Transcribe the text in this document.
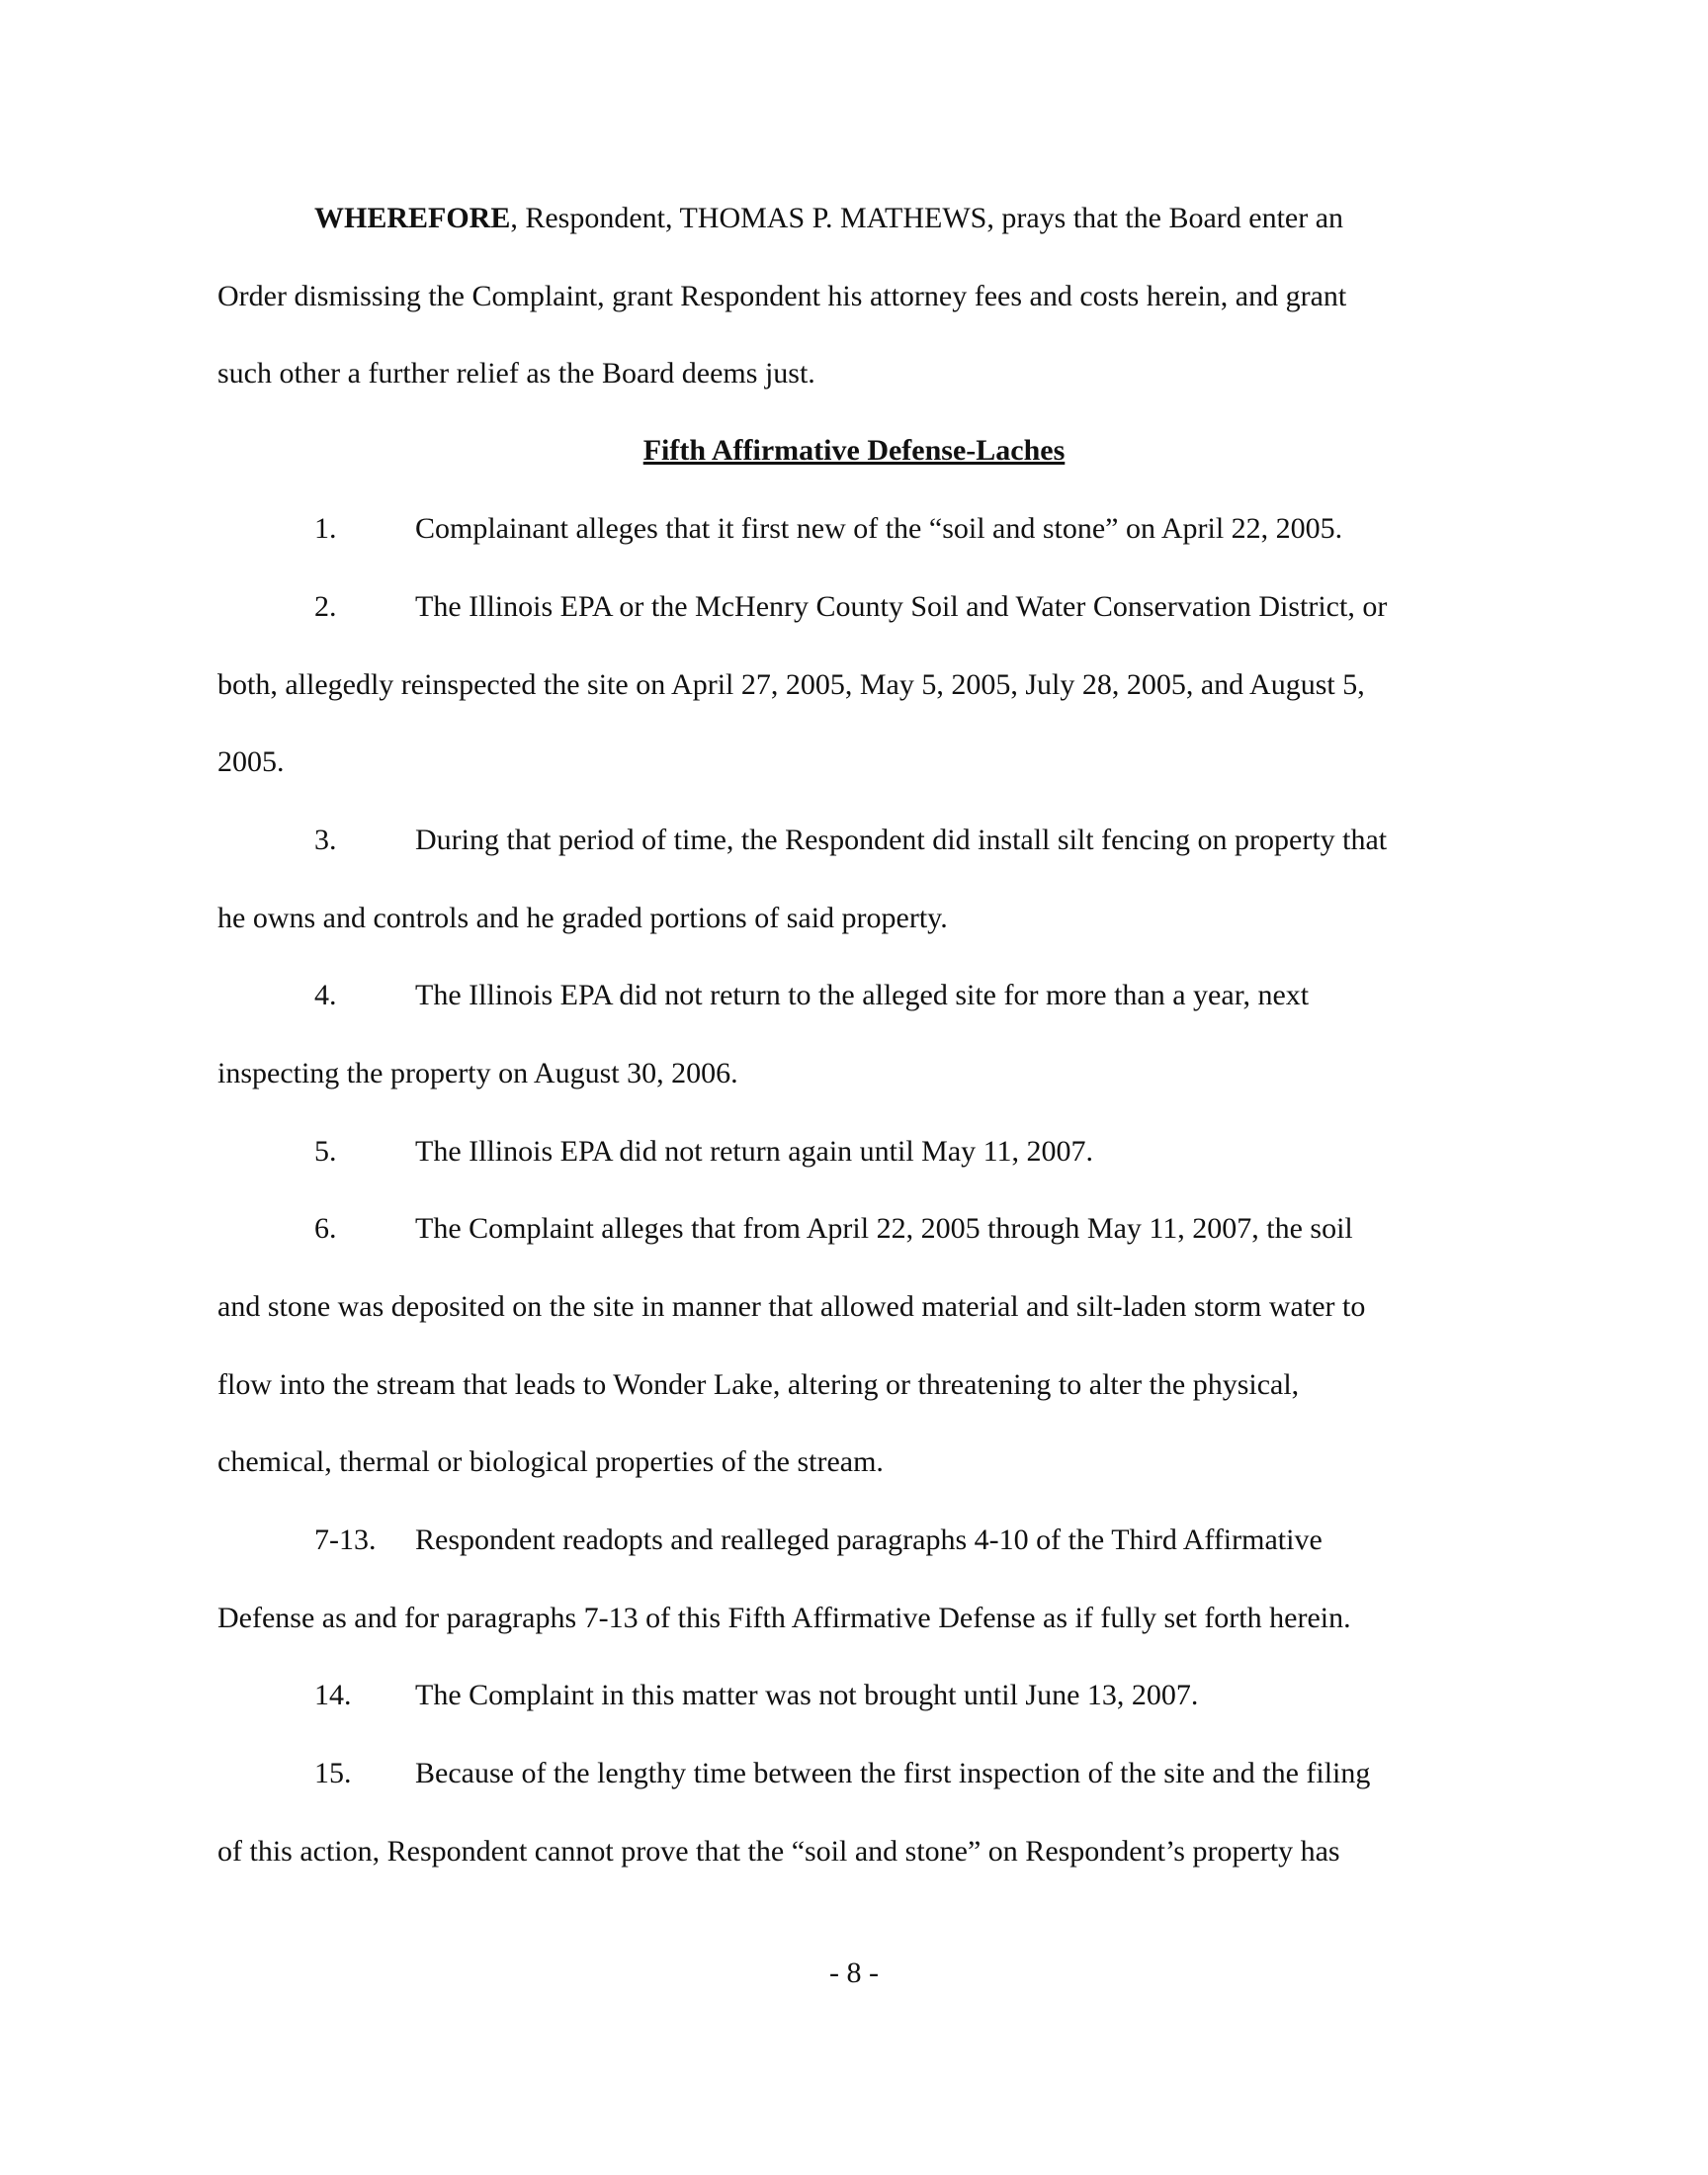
WHEREFORE, Respondent, THOMAS P. MATHEWS, prays that the Board enter an
Order dismissing the Complaint, grant Respondent his attorney fees and costs herein, and grant
such other a further relief as the Board deems just.
Fifth Affirmative Defense-Laches
1.	Complainant alleges that it first new of the “soil and stone” on April 22, 2005.
2.	The Illinois EPA or the McHenry County Soil and Water Conservation District, or
both, allegedly reinspected the site on April 27, 2005, May 5, 2005, July 28, 2005, and August 5,
2005.
3.	During that period of time, the Respondent did install silt fencing on property that
he owns and controls and he graded portions of said property.
4.	The Illinois EPA did not return to the alleged site for more than a year, next
inspecting the property on August 30, 2006.
5.	The Illinois EPA did not return again until May 11, 2007.
6.	The Complaint alleges that from April 22, 2005 through May 11, 2007, the soil
and stone was deposited on the site in manner that allowed material and silt-laden storm water to
flow into the stream that leads to Wonder Lake, altering or threatening to alter the physical,
chemical, thermal or biological properties of the stream.
7-13. Respondent readopts and realleged paragraphs 4-10 of the Third Affirmative
Defense as and for paragraphs 7-13 of this Fifth Affirmative Defense as if fully set forth herein.
14. The Complaint in this matter was not brought until June 13, 2007.
15. Because of the lengthy time between the first inspection of the site and the filing
of this action, Respondent cannot prove that the “soil and stone” on Respondent’s property has
- 8 -
